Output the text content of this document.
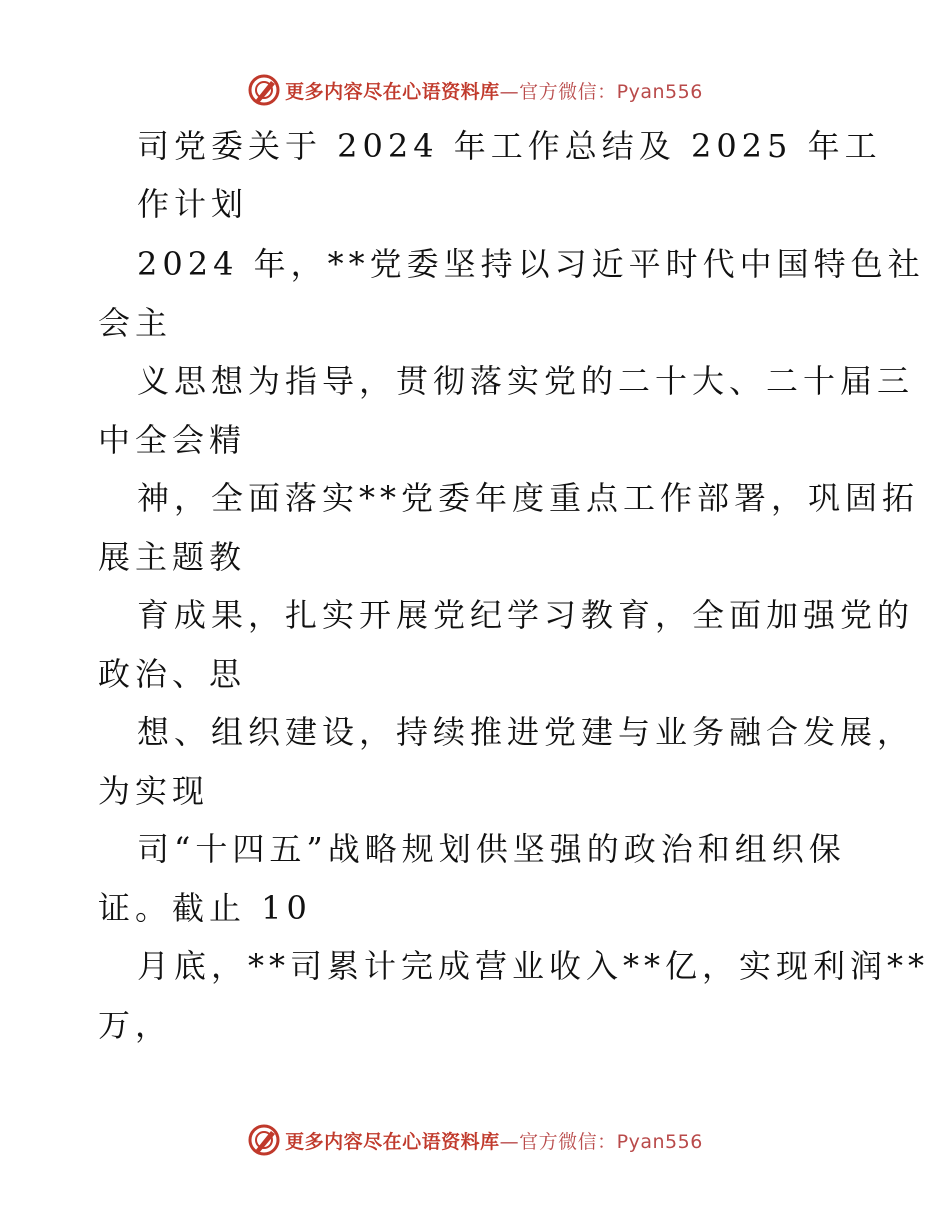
更多内容尽在心语资料库—官方微信：Pyan556
司党委关于 2024 年工作总结及 2025 年工
作计划
2024 年，**党委坚持以习近平时代中国特色社
会主
义思想为指导，贯彻落实党的二十大、二十届三
中全会精
神，全面落实**党委年度重点工作部署，巩固拓
展主题教
育成果，扎实开展党纪学习教育，全面加强党的
政治、思
想、组织建设，持续推进党建与业务融合发展，
为实现
司“十四五”战略规划供坚强的政治和组织保
证。截止 10
月底，**司累计完成营业收入**亿，实现利润**
万，
更多内容尽在心语资料库—官方微信：Pyan556
